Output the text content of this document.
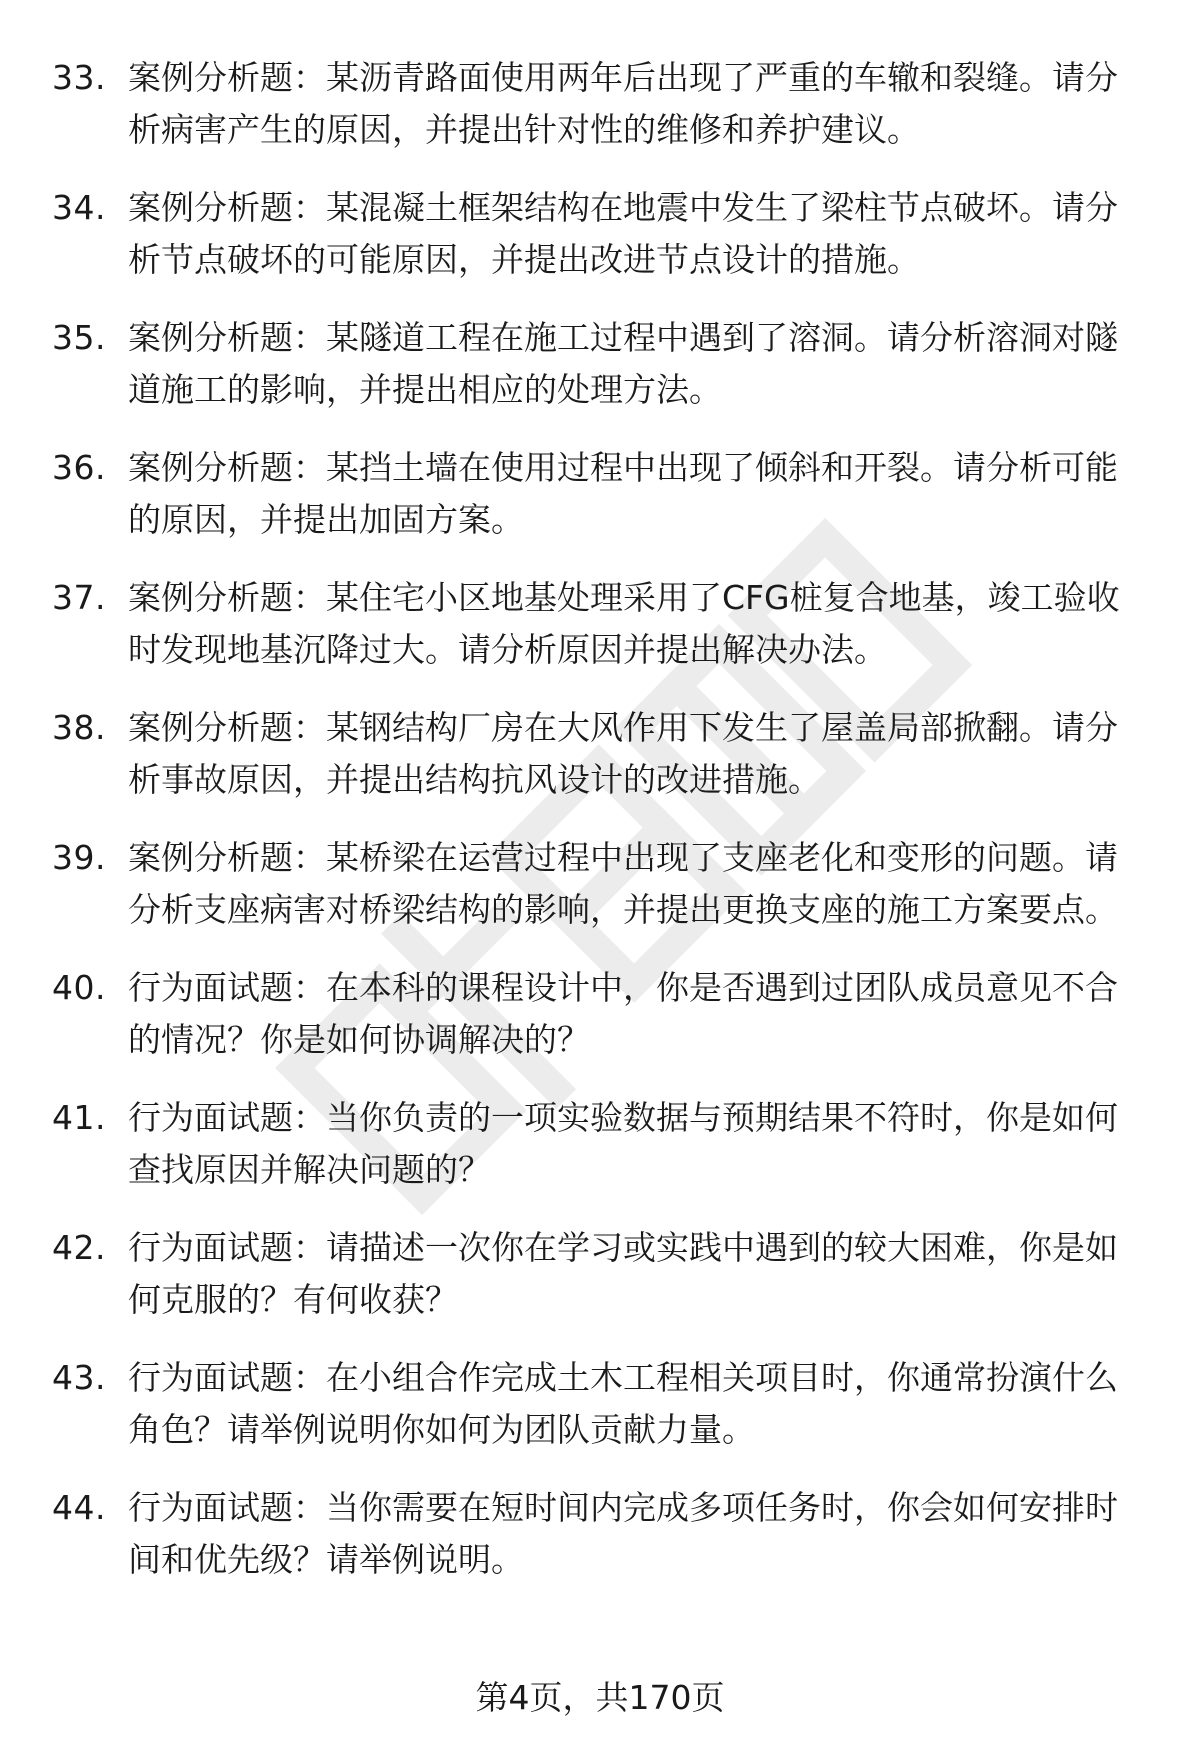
33. 案例分析题：某沥青路面使用两年后出现了严重的车辙和裂缝。请分析病害产生的原因，并提出针对性的维修和养护建议。
34. 案例分析题：某混凝土框架结构在地震中发生了梁柱节点破坏。请分析节点破坏的可能原因，并提出改进节点设计的措施。
35. 案例分析题：某隧道工程在施工过程中遇到了溶洞。请分析溶洞对隧道施工的影响，并提出相应的处理方法。
36. 案例分析题：某挡土墙在使用过程中出现了倾斜和开裂。请分析可能的原因，并提出加固方案。
37. 案例分析题：某住宅小区地基处理采用了CFG桩复合地基，竣工验收时发现地基沉降过大。请分析原因并提出解决办法。
38. 案例分析题：某钢结构厂房在大风作用下发生了屋盖局部掀翻。请分析事故原因，并提出结构抗风设计的改进措施。
39. 案例分析题：某桥梁在运营过程中出现了支座老化和变形的问题。请分析支座病害对桥梁结构的影响，并提出更换支座的施工方案要点。
40. 行为面试题：在本科的课程设计中，你是否遇到过团队成员意见不合的情况？你是如何协调解决的？
41. 行为面试题：当你负责的一项实验数据与预期结果不符时，你是如何查找原因并解决问题的？
42. 行为面试题：请描述一次你在学习或实践中遇到的较大困难，你是如何克服的？有何收获？
43. 行为面试题：在小组合作完成土木工程相关项目时，你通常扮演什么角色？请举例说明你如何为团队贡献力量。
44. 行为面试题：当你需要在短时间内完成多项任务时，你会如何安排时间和优先级？请举例说明。
第4页，共170页
